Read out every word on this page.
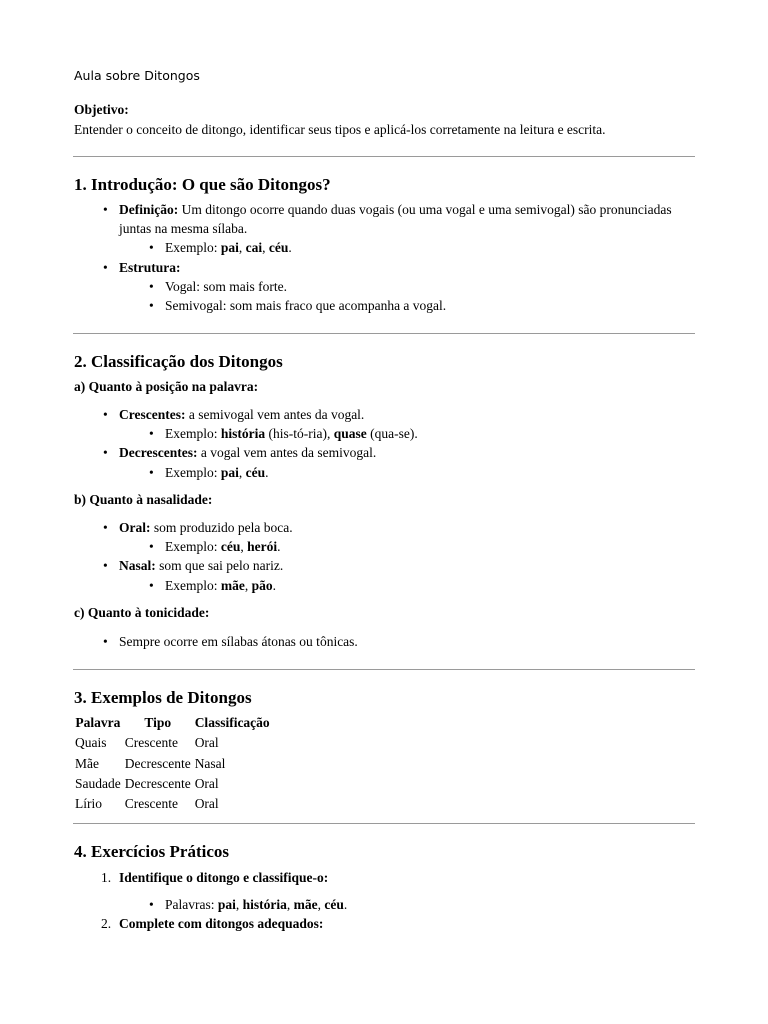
Aula sobre Ditongos
Objetivo:
Entender o conceito de ditongo, identificar seus tipos e aplicá-los corretamente na leitura e escrita.
1. Introdução: O que são Ditongos?
• Definição: Um ditongo ocorre quando duas vogais (ou uma vogal e uma semivogal) são pronunciadas juntas na mesma sílaba.
• Exemplo: pai, cai, céu.
• Estrutura:
• Vogal: som mais forte.
• Semivogal: som mais fraco que acompanha a vogal.
2. Classificação dos Ditongos
a) Quanto à posição na palavra:
• Crescentes: a semivogal vem antes da vogal.
• Exemplo: história (his-tó-ria), quase (qua-se).
• Decrescentes: a vogal vem antes da semivogal.
• Exemplo: pai, céu.
b) Quanto à nasalidade:
• Oral: som produzido pela boca.
• Exemplo: céu, herói.
• Nasal: som que sai pelo nariz.
• Exemplo: mãe, pão.
c) Quanto à tonicidade:
• Sempre ocorre em sílabas átonas ou tônicas.
3. Exemplos de Ditongos
Palavra	Tipo	Classificação
Quais	Crescente	Oral
Mãe	Decrescente	Nasal
Saudade	Decrescente	Oral
Lírio	Crescente	Oral
4. Exercícios Práticos
1. Identifique o ditongo e classifique-o:
• Palavras: pai, história, mãe, céu.
2. Complete com ditongos adequados:
